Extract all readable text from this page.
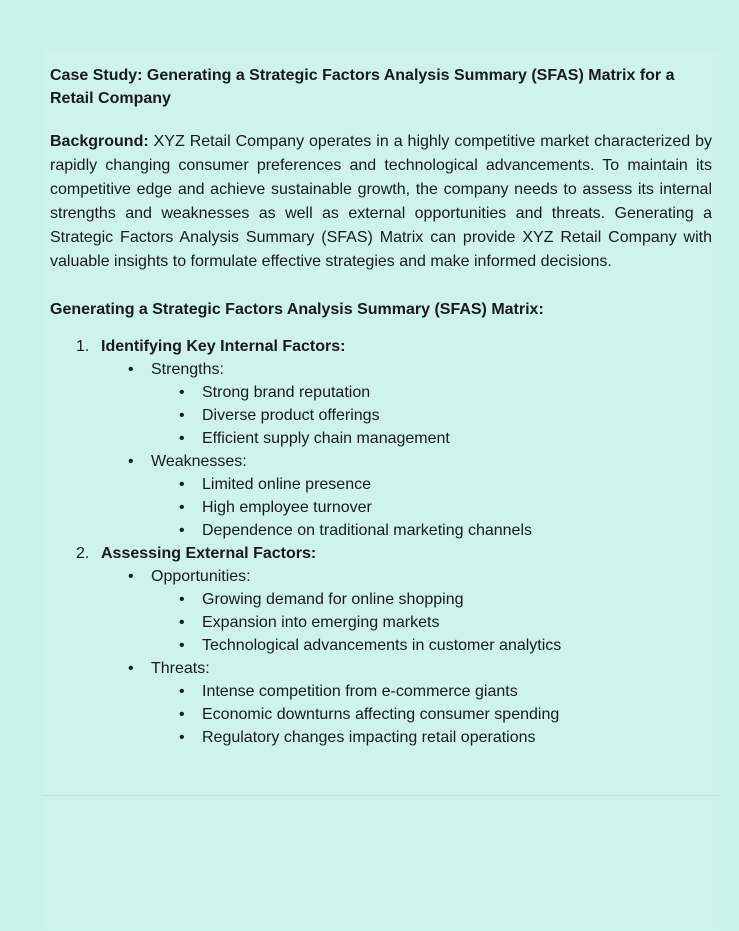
Case Study: Generating a Strategic Factors Analysis Summary (SFAS) Matrix for a Retail Company

Background: XYZ Retail Company operates in a highly competitive market characterized by rapidly changing consumer preferences and technological advancements. To maintain its competitive edge and achieve sustainable growth, the company needs to assess its internal strengths and weaknesses as well as external opportunities and threats. Generating a Strategic Factors Analysis Summary (SFAS) Matrix can provide XYZ Retail Company with valuable insights to formulate effective strategies and make informed decisions.

Generating a Strategic Factors Analysis Summary (SFAS) Matrix:

1. Identifying Key Internal Factors:
• Strengths:
• Strong brand reputation
• Diverse product offerings
• Efficient supply chain management
• Weaknesses:
• Limited online presence
• High employee turnover
• Dependence on traditional marketing channels
2. Assessing External Factors:
• Opportunities:
• Growing demand for online shopping
• Expansion into emerging markets
• Technological advancements in customer analytics
• Threats:
• Intense competition from e-commerce giants
• Economic downturns affecting consumer spending
• Regulatory changes impacting retail operations
